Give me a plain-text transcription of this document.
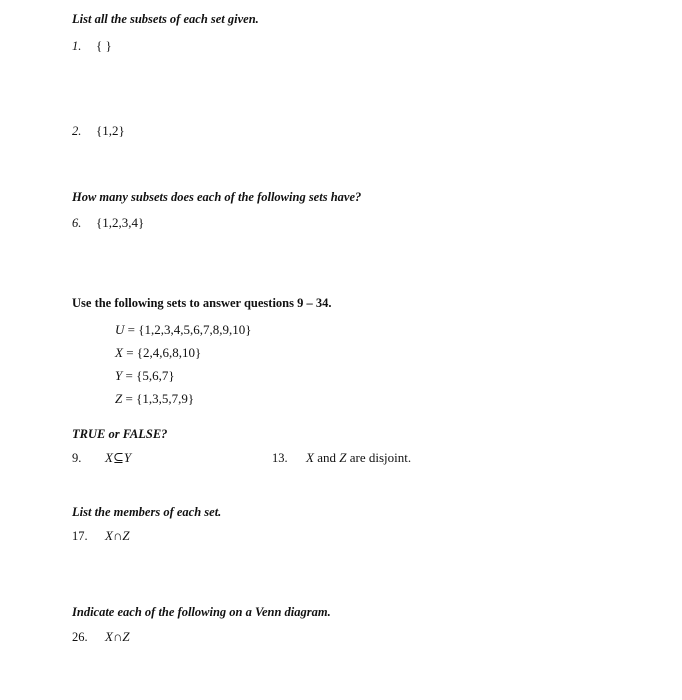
List all the subsets of each set given.
1. { }
2. {1,2}
How many subsets does each of the following sets have?
6. {1,2,3,4}
Use the following sets to answer questions 9 – 34.
U = {1,2,3,4,5,6,7,8,9,10}
X = {2,4,6,8,10}
Y = {5,6,7}
Z = {1,3,5,7,9}
TRUE or FALSE?
9. X⊆Y	13. X and Z are disjoint.
List the members of each set.
17. X∩Z
Indicate each of the following on a Venn diagram.
26. X∩Z
